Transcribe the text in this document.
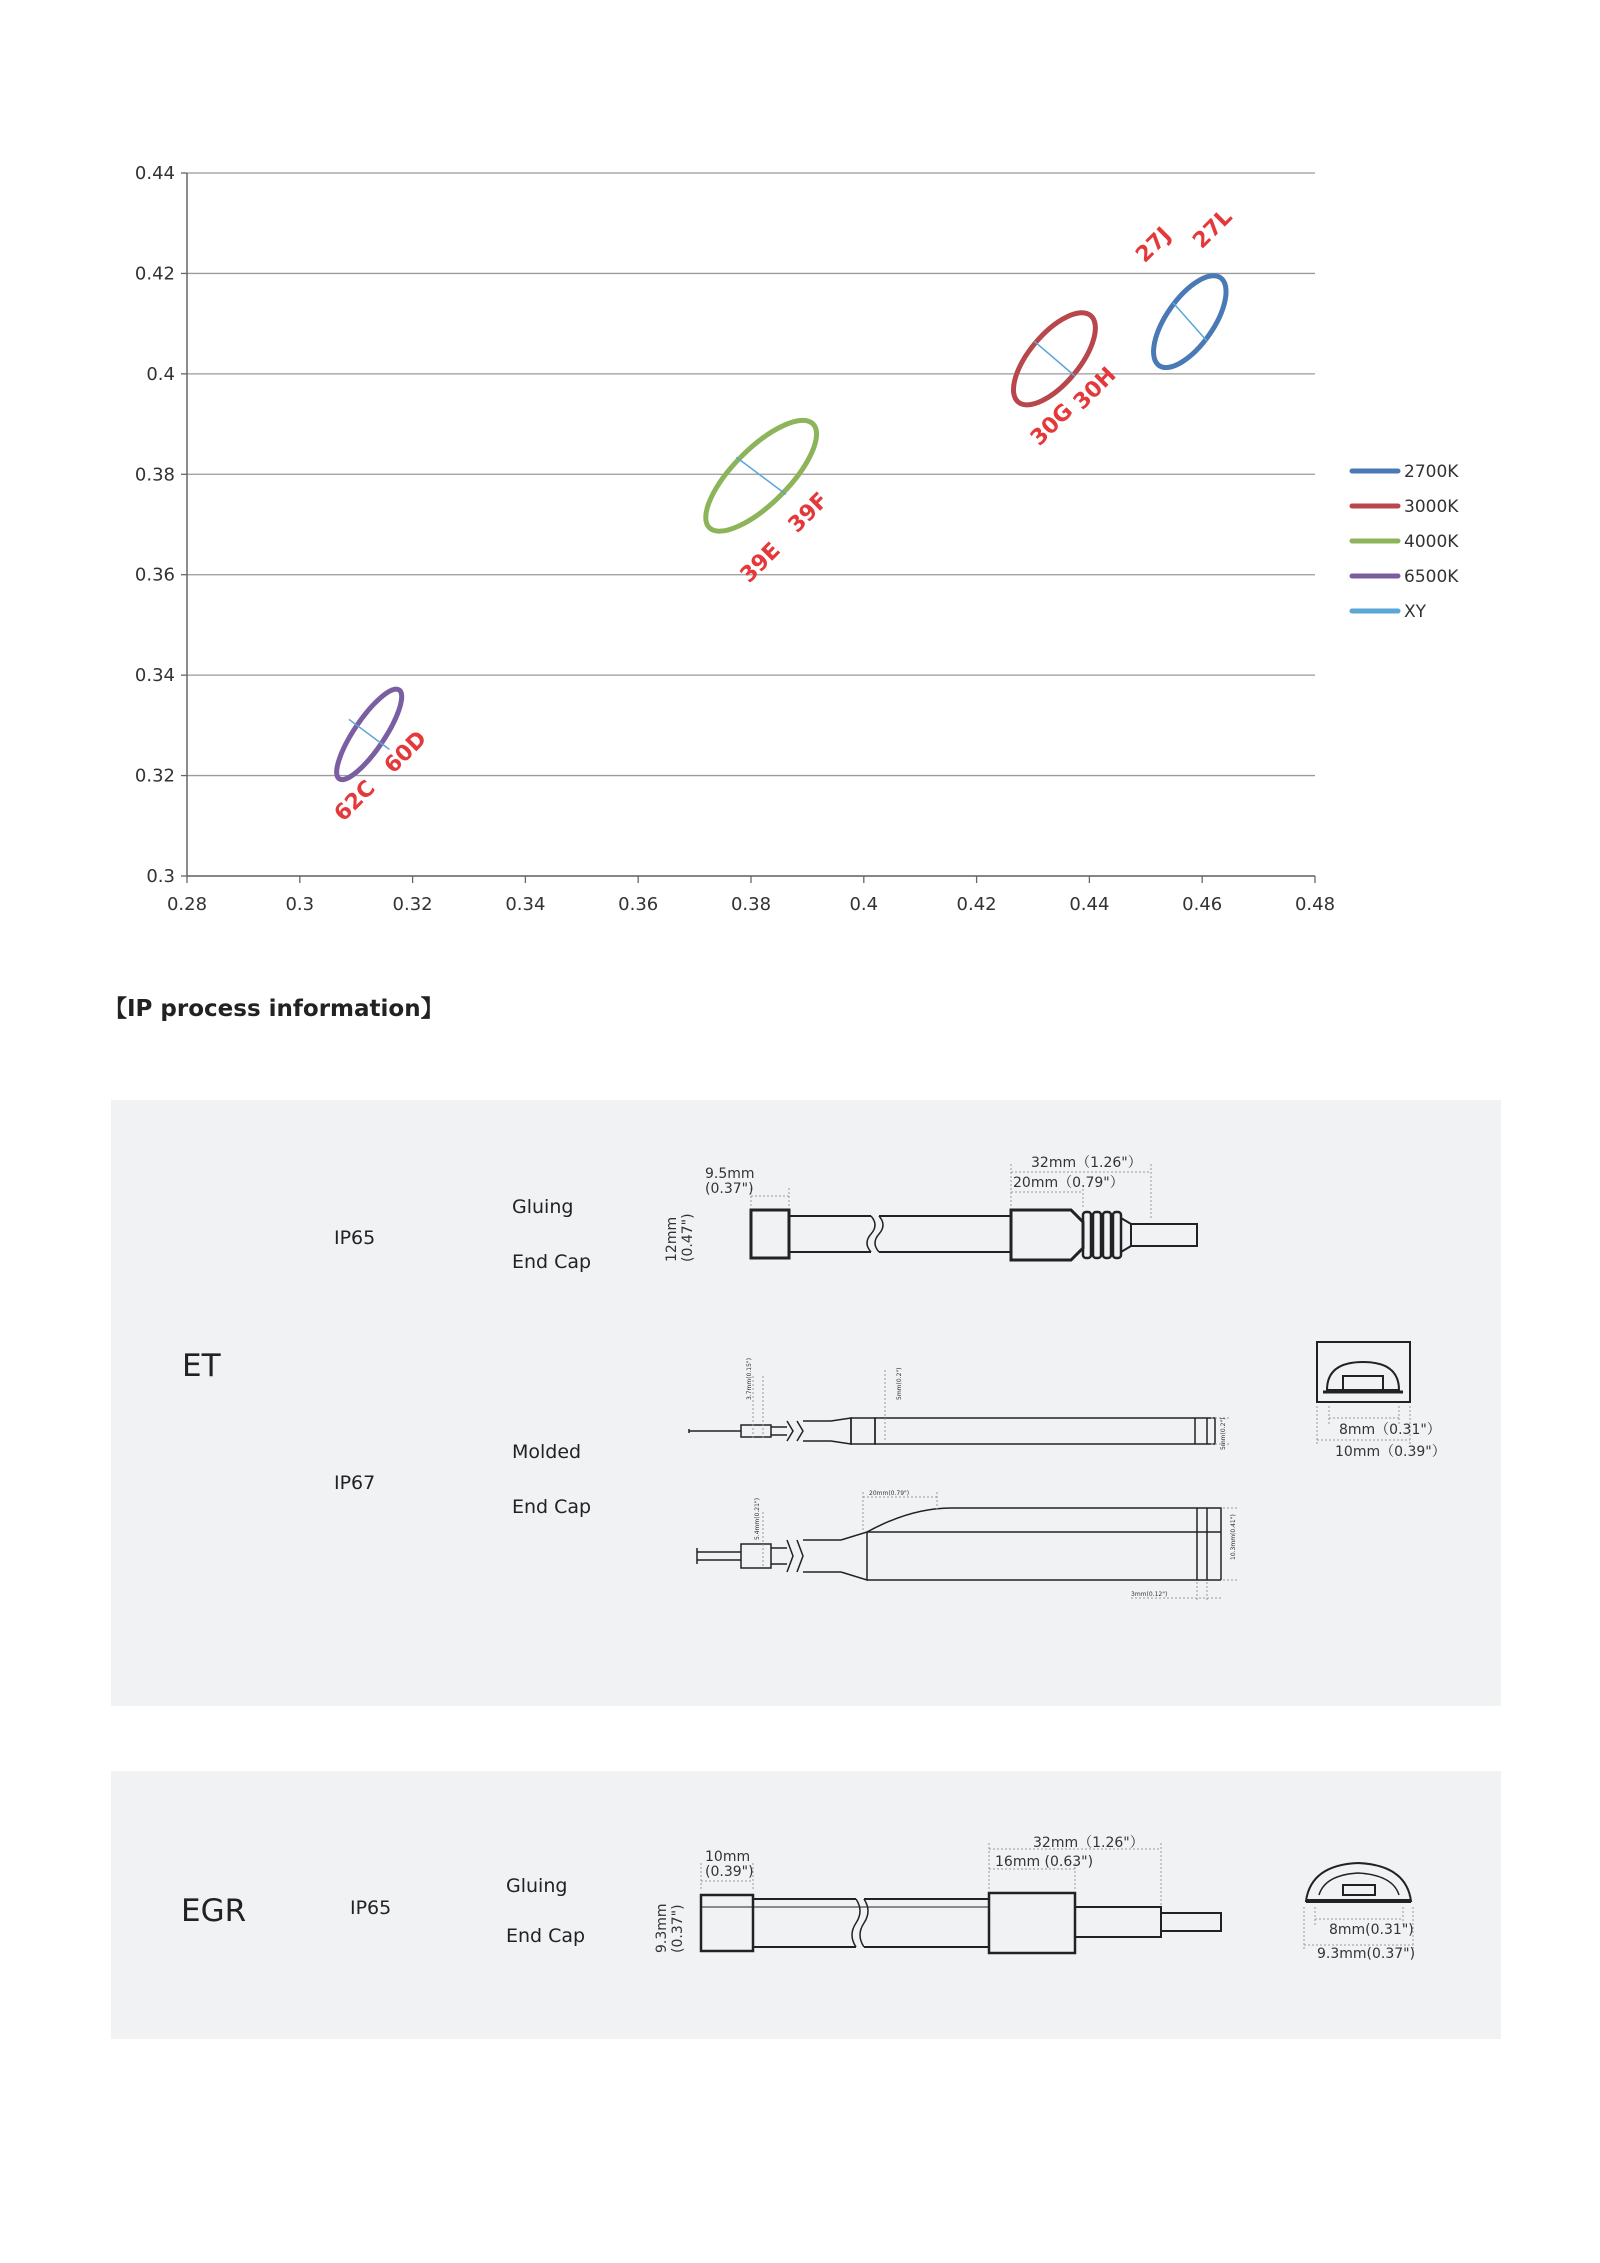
0.3
0.32
0.34
0.36
0.38
0.4
0.42
0.44
0.28	0.3	0.32	0.34	0.36	0.38	0.4	0.42	0.44	0.46	0.48
27J 27L
30G
30H
39E
39F
62C
60D
2700K
3000K
4000K
6500K
XY
【IP process information】
ET
IP65
Gluing
End Cap
IP67
Molded
End Cap
9.5mm
(0.37")
32mm（1.26"）
20mm（0.79"）
12mm (0.47")
3.7mm(0.15")	5mm(0.2")
5mm(0.2")
20mm(0.79")
5.4mm(0.21")	10.3mm(0.41")
3mm(0.12")
8mm（0.31"）
10mm（0.39"）
EGR	IP65
Gluing
End Cap
10mm
(0.39")
32mm（1.26"）
16mm (0.63")
9.3mm (0.37")	8mm(0.31")
9.3mm(0.37")
